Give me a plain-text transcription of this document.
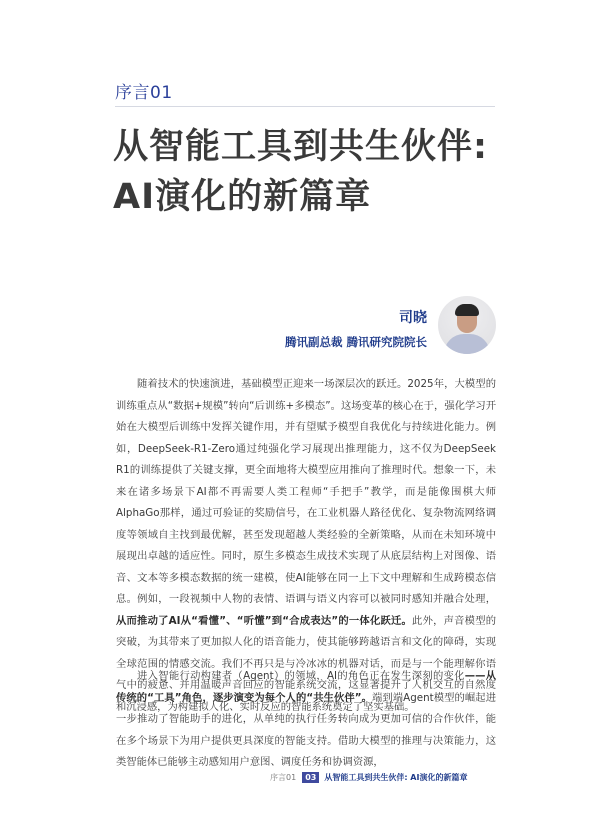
序言01
从智能工具到共生伙伴:
AI演化的新篇章
司晓
腾讯副总裁 腾讯研究院院长
随着技术的快速演进，基础模型正迎来一场深层次的跃迁。2025年，大模型的训练重点从“数据+规模”转向“后训练+多模态”。这场变革的核心在于，强化学习开始在大模型后训练中发挥关键作用，并有望赋予模型自我优化与持续进化能力。例如，DeepSeek-R1-Zero通过纯强化学习展现出推理能力，这不仅为DeepSeek R1的训练提供了关键支撑，更全面地将大模型应用推向了推理时代。想象一下，未来在诸多场景下AI都不再需要人类工程师“手把手”教学，而是能像围棋大师AlphaGo那样，通过可验证的奖励信号，在工业机器人路径优化、复杂物流网络调度等领域自主找到最优解，甚至发现超越人类经验的全新策略，从而在未知环境中展现出卓越的适应性。同时，原生多模态生成技术实现了从底层结构上对图像、语音、文本等多模态数据的统一建模，使AI能够在同一上下文中理解和生成跨模态信息。例如，一段视频中人物的表情、语调与语义内容可以被同时感知并融合处理，从而推动了AI从“看懂”、“听懂”到“合成表达”的一体化跃迁。此外，声音模型的突破，为其带来了更加拟人化的语音能力，使其能够跨越语言和文化的障碍，实现全球范围的情感交流。我们不再只是与冷冰冰的机器对话，而是与一个能理解你语气中的疲惫、并用温暖声音回应的智能系统交流，这显著提升了人机交互的自然度和沉浸感，为构建拟人化、实时反应的智能系统奠定了坚实基础。
进入智能行动构建者（Agent）的领域，AI的角色正在发生深刻的变化——从传统的“工具”角色，逐步演变为每个人的“共生伙伴”。端到端Agent模型的崛起进一步推动了智能助手的进化，从单纯的执行任务转向成为更加可信的合作伙伴，能在多个场景下为用户提供更具深度的智能支持。借助大模型的推理与决策能力，这类智能体已能够主动感知用户意图、调度任务和协调资源，
序言01	03	从智能工具到共生伙伴: AI演化的新篇章
